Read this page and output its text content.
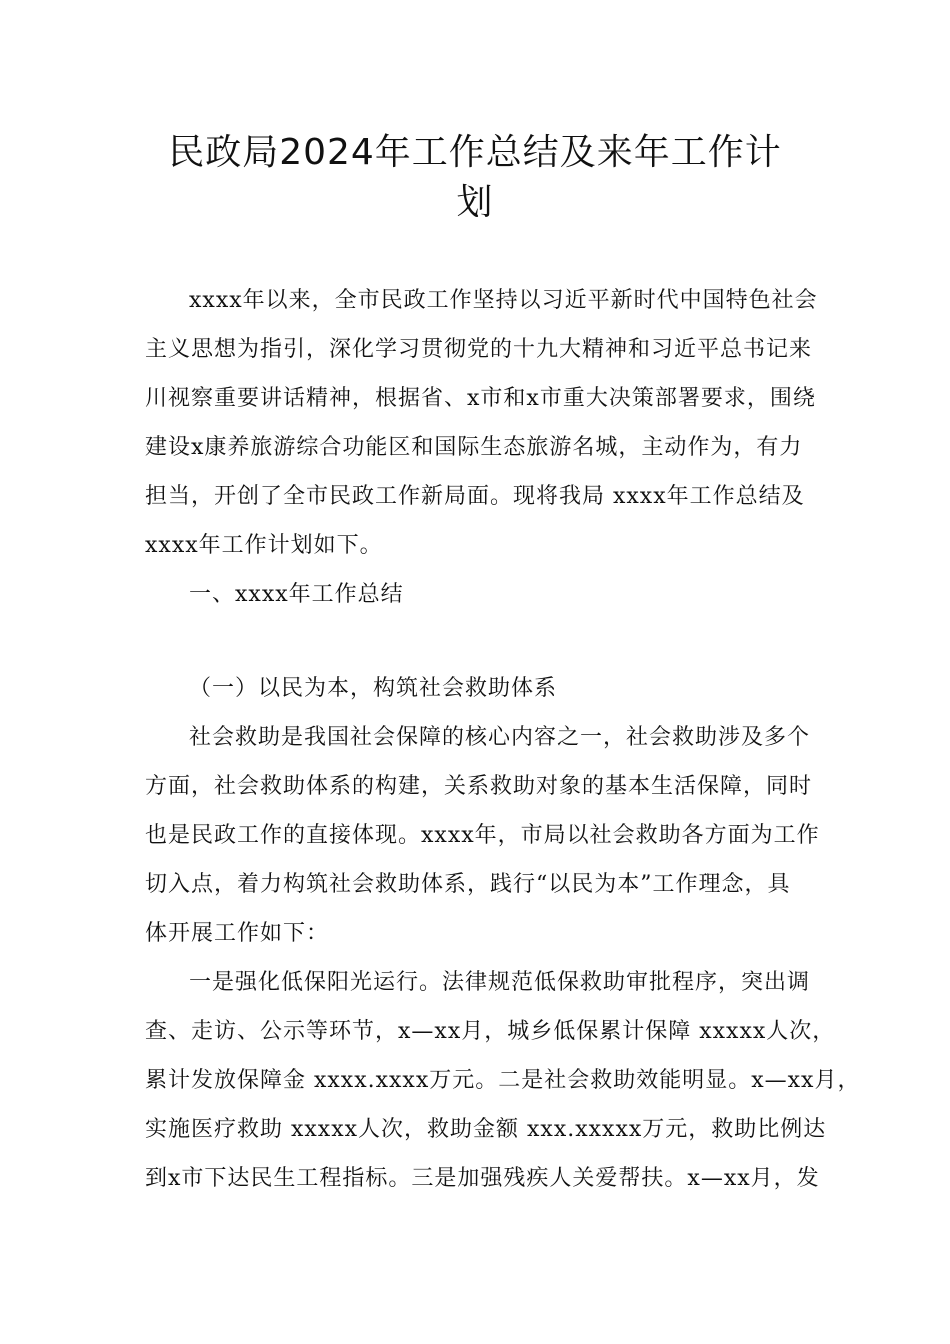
民政局2024年工作总结及来年工作计
划
xxxx年以来，全市民政工作坚持以习近平新时代中国特色社会
主义思想为指引，深化学习贯彻党的十九大精神和习近平总书记来
川视察重要讲话精神，根据省、x市和x市重大决策部署要求，围绕
建设x康养旅游综合功能区和国际生态旅游名城，主动作为，有力
担当，开创了全市民政工作新局面。现将我局 xxxx年工作总结及
xxxx年工作计划如下。
一、xxxx年工作总结
（一）以民为本，构筑社会救助体系
社会救助是我国社会保障的核心内容之一，社会救助涉及多个
方面，社会救助体系的构建，关系救助对象的基本生活保障，同时
也是民政工作的直接体现。xxxx年，市局以社会救助各方面为工作
切入点，着力构筑社会救助体系，践行“以民为本”工作理念，具
体开展工作如下：
一是强化低保阳光运行。法律规范低保救助审批程序，突出调
查、走访、公示等环节，x—xx月，城乡低保累计保障 xxxxx人次，
累计发放保障金 xxxx.xxxx万元。二是社会救助效能明显。x—xx月，
实施医疗救助 xxxxx人次，救助金额 xxx.xxxxx万元，救助比例达
到x市下达民生工程指标。三是加强残疾人关爱帮扶。x—xx月，发
